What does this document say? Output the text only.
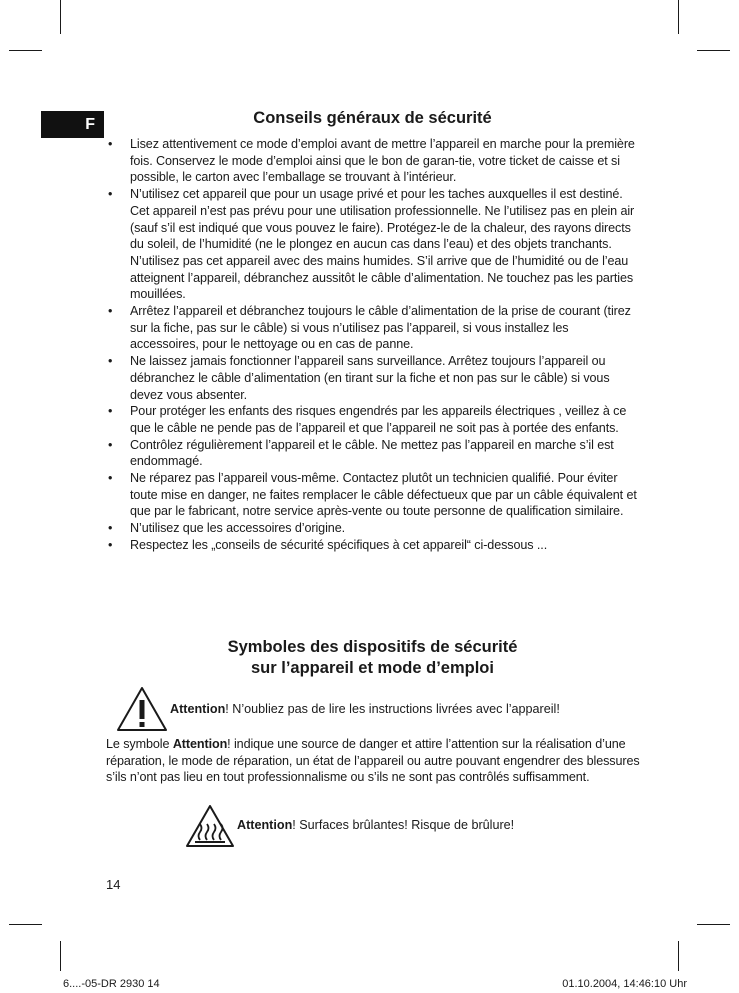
F	Conseils généraux de sécurité
• Lisez attentivement ce mode d’emploi avant de mettre l’appareil en marche pour la première fois. Conservez le mode d’emploi ainsi que le bon de garan-tie, votre ticket de caisse et si possible, le carton avec l’emballage se trouvant à l’intérieur.
• N’utilisez cet appareil que pour un usage privé et pour les taches auxquelles il est destiné. Cet appareil n’est pas prévu pour une utilisation professionnelle. Ne l’utilisez pas en plein air (sauf s’il est indiqué que vous pouvez le faire). Protégez-le de la chaleur, des rayons directs du soleil, de l’humidité (ne le plongez en aucun cas dans l’eau) et des objets tranchants. N’utilisez pas cet appareil avec des mains humides. S’il arrive que de l’humidité ou de l’eau atteignent l’appareil, débranchez aussitôt le câble d’alimentation. Ne touchez pas les parties mouillées.
• Arrêtez l’appareil et débranchez toujours le câble d’alimentation de la prise de courant (tirez sur la fiche, pas sur le câble) si vous n’utilisez pas l’appareil, si vous installez les accessoires, pour le nettoyage ou en cas de panne.
• Ne laissez jamais fonctionner l’appareil sans surveillance. Arrêtez toujours l’appareil ou débranchez le câble d’alimentation (en tirant sur la fiche et non pas sur le câble) si vous devez vous absenter.
• Pour protéger les enfants des risques engendrés par les appareils électriques , veillez à ce que le câble ne pende pas de l’appareil et que l’appareil ne soit pas à portée des enfants.
• Contrôlez régulièrement l’appareil et le câble. Ne mettez pas l’appareil en marche s’il est endommagé.
• Ne réparez pas l’appareil vous-même. Contactez plutôt un technicien qualifié. Pour éviter toute mise en danger, ne faites remplacer le câble défectueux que par un câble équivalent et que par le fabricant, notre service après-vente ou toute personne de qualification similaire.
• N’utilisez que les accessoires d’origine.
• Respectez les „conseils de sécurité spécifiques à cet appareil“ ci-dessous ...
Symboles des dispositifs de sécurité
sur l’appareil et mode d’emploi
Attention! N’oubliez pas de lire les instructions livrées avec l’appareil!

Le symbole Attention! indique une source de danger et attire l’attention sur la réalisation d’une réparation, le mode de réparation, un état de l’appareil ou autre pouvant engendrer des blessures s’ils n’ont pas lieu en tout professionnalisme ou s’ils ne sont pas contrôlés suffisamment.

Attention! Surfaces brûlantes! Risque de brûlure!
14
6....-05-DR 2930 14	01.10.2004, 14:46:10 Uhr
